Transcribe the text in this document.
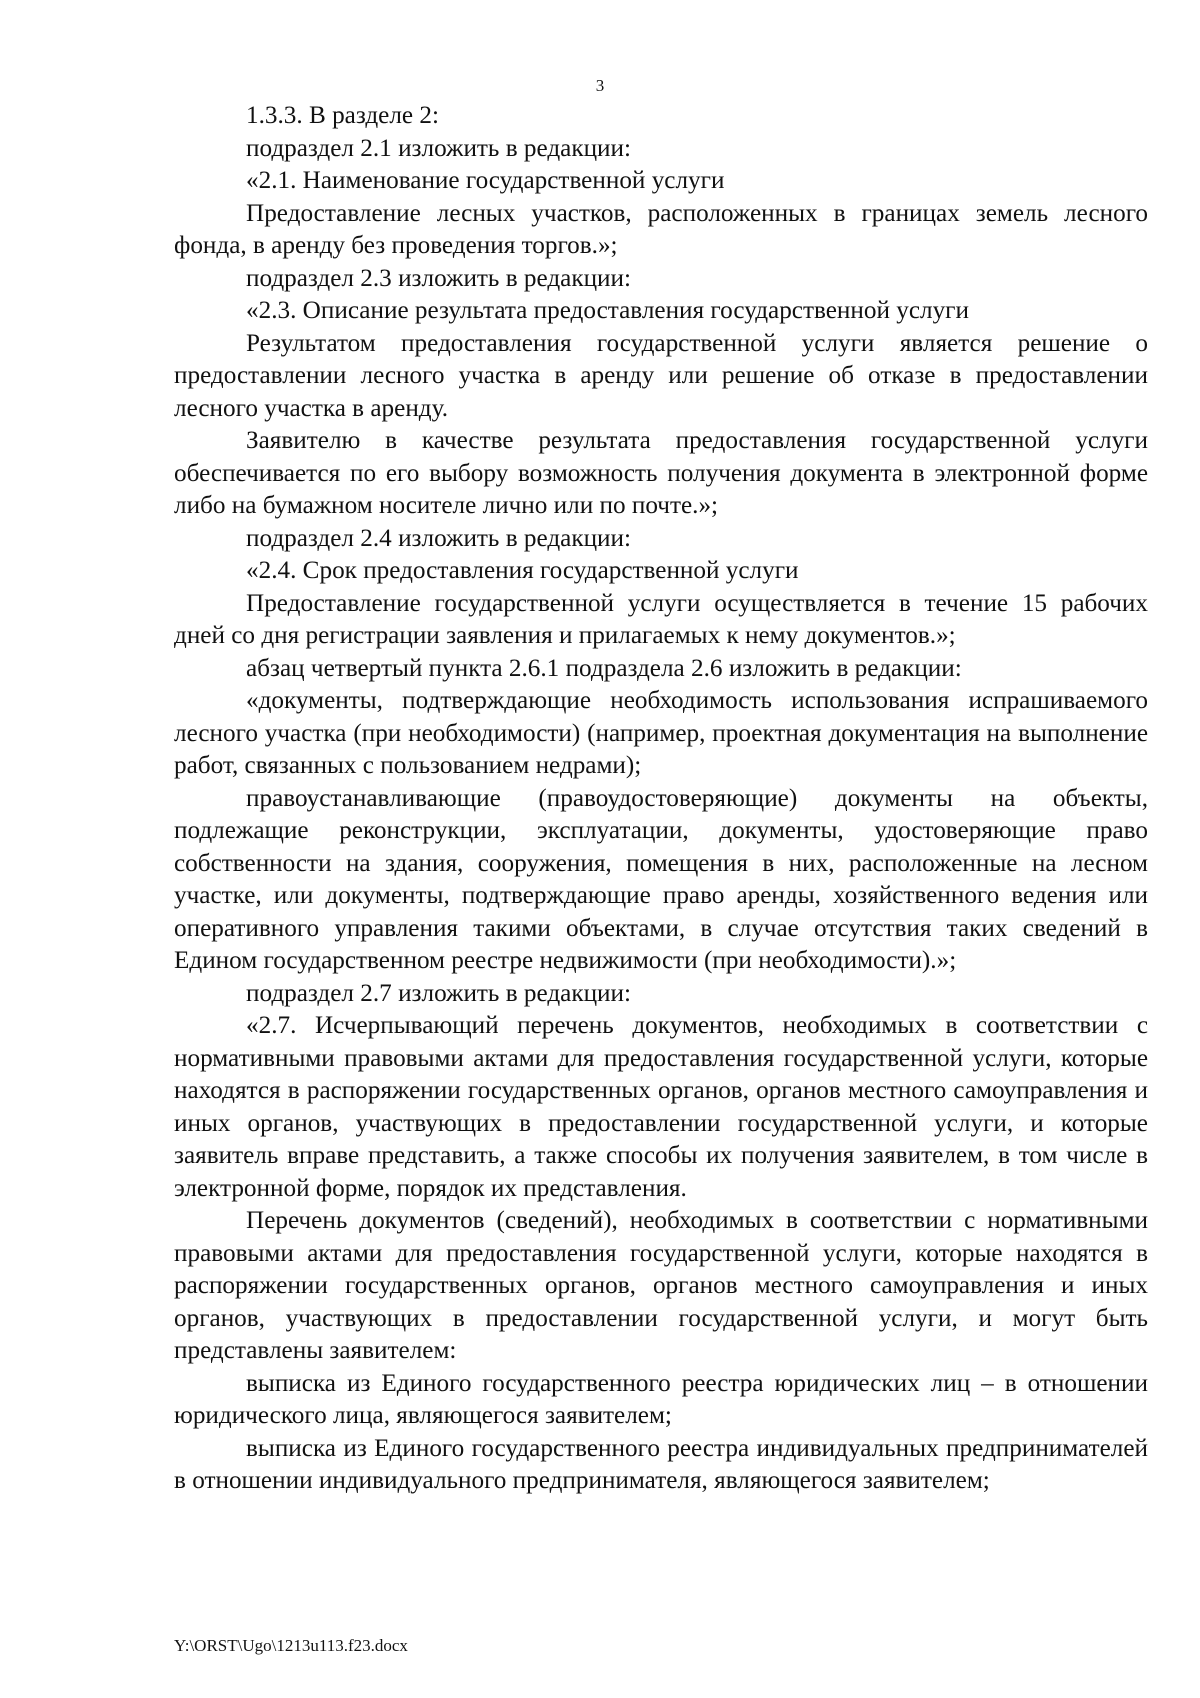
3

1.3.3. В разделе 2:

подраздел 2.1 изложить в редакции:

«2.1. Наименование государственной услуги

Предоставление лесных участков, расположенных в границах земель лесного фонда, в аренду без проведения торгов.»;

подраздел 2.3 изложить в редакции:

«2.3. Описание результата предоставления государственной услуги

Результатом предоставления государственной услуги является решение о предоставлении лесного участка в аренду или решение об отказе в предоставлении лесного участка в аренду.

Заявителю в качестве результата предоставления государственной услуги обеспечивается по его выбору возможность получения документа в электронной форме либо на бумажном носителе лично или по почте.»;

подраздел 2.4 изложить в редакции:

«2.4. Срок предоставления государственной услуги

Предоставление государственной услуги осуществляется в течение 15 рабочих дней со дня регистрации заявления и прилагаемых к нему документов.»;

абзац четвертый пункта 2.6.1 подраздела 2.6 изложить в редакции:

«документы, подтверждающие необходимость использования испрашиваемого лесного участка (при необходимости) (например, проектная документация на выполнение работ, связанных с пользованием недрами);

правоустанавливающие (правоудостоверяющие) документы на объекты, подлежащие реконструкции, эксплуатации, документы, удостоверяющие право собственности на здания, сооружения, помещения в них, расположенные на лесном участке, или документы, подтверждающие право аренды, хозяйственного ведения или оперативного управления такими объектами, в случае отсутствия таких сведений в Едином государственном реестре недвижимости (при необходимости).»;

подраздел 2.7 изложить в редакции:

«2.7. Исчерпывающий перечень документов, необходимых в соответствии с нормативными правовыми актами для предоставления государственной услуги, которые находятся в распоряжении государственных органов, органов местного самоуправления и иных органов, участвующих в предоставлении государственной услуги, и которые заявитель вправе представить, а также способы их получения заявителем, в том числе в электронной форме, порядок их представления.

Перечень документов (сведений), необходимых в соответствии с нормативными правовыми актами для предоставления государственной услуги, которые находятся в распоряжении государственных органов, органов местного самоуправления и иных органов, участвующих в предоставлении государственной услуги, и могут быть представлены заявителем:

выписка из Единого государственного реестра юридических лиц – в отношении юридического лица, являющегося заявителем;

выписка из Единого государственного реестра индивидуальных предпринимателей в отношении индивидуального предпринимателя, являющегося заявителем;

Y:\ORST\Ugo\1213u113.f23.docx
